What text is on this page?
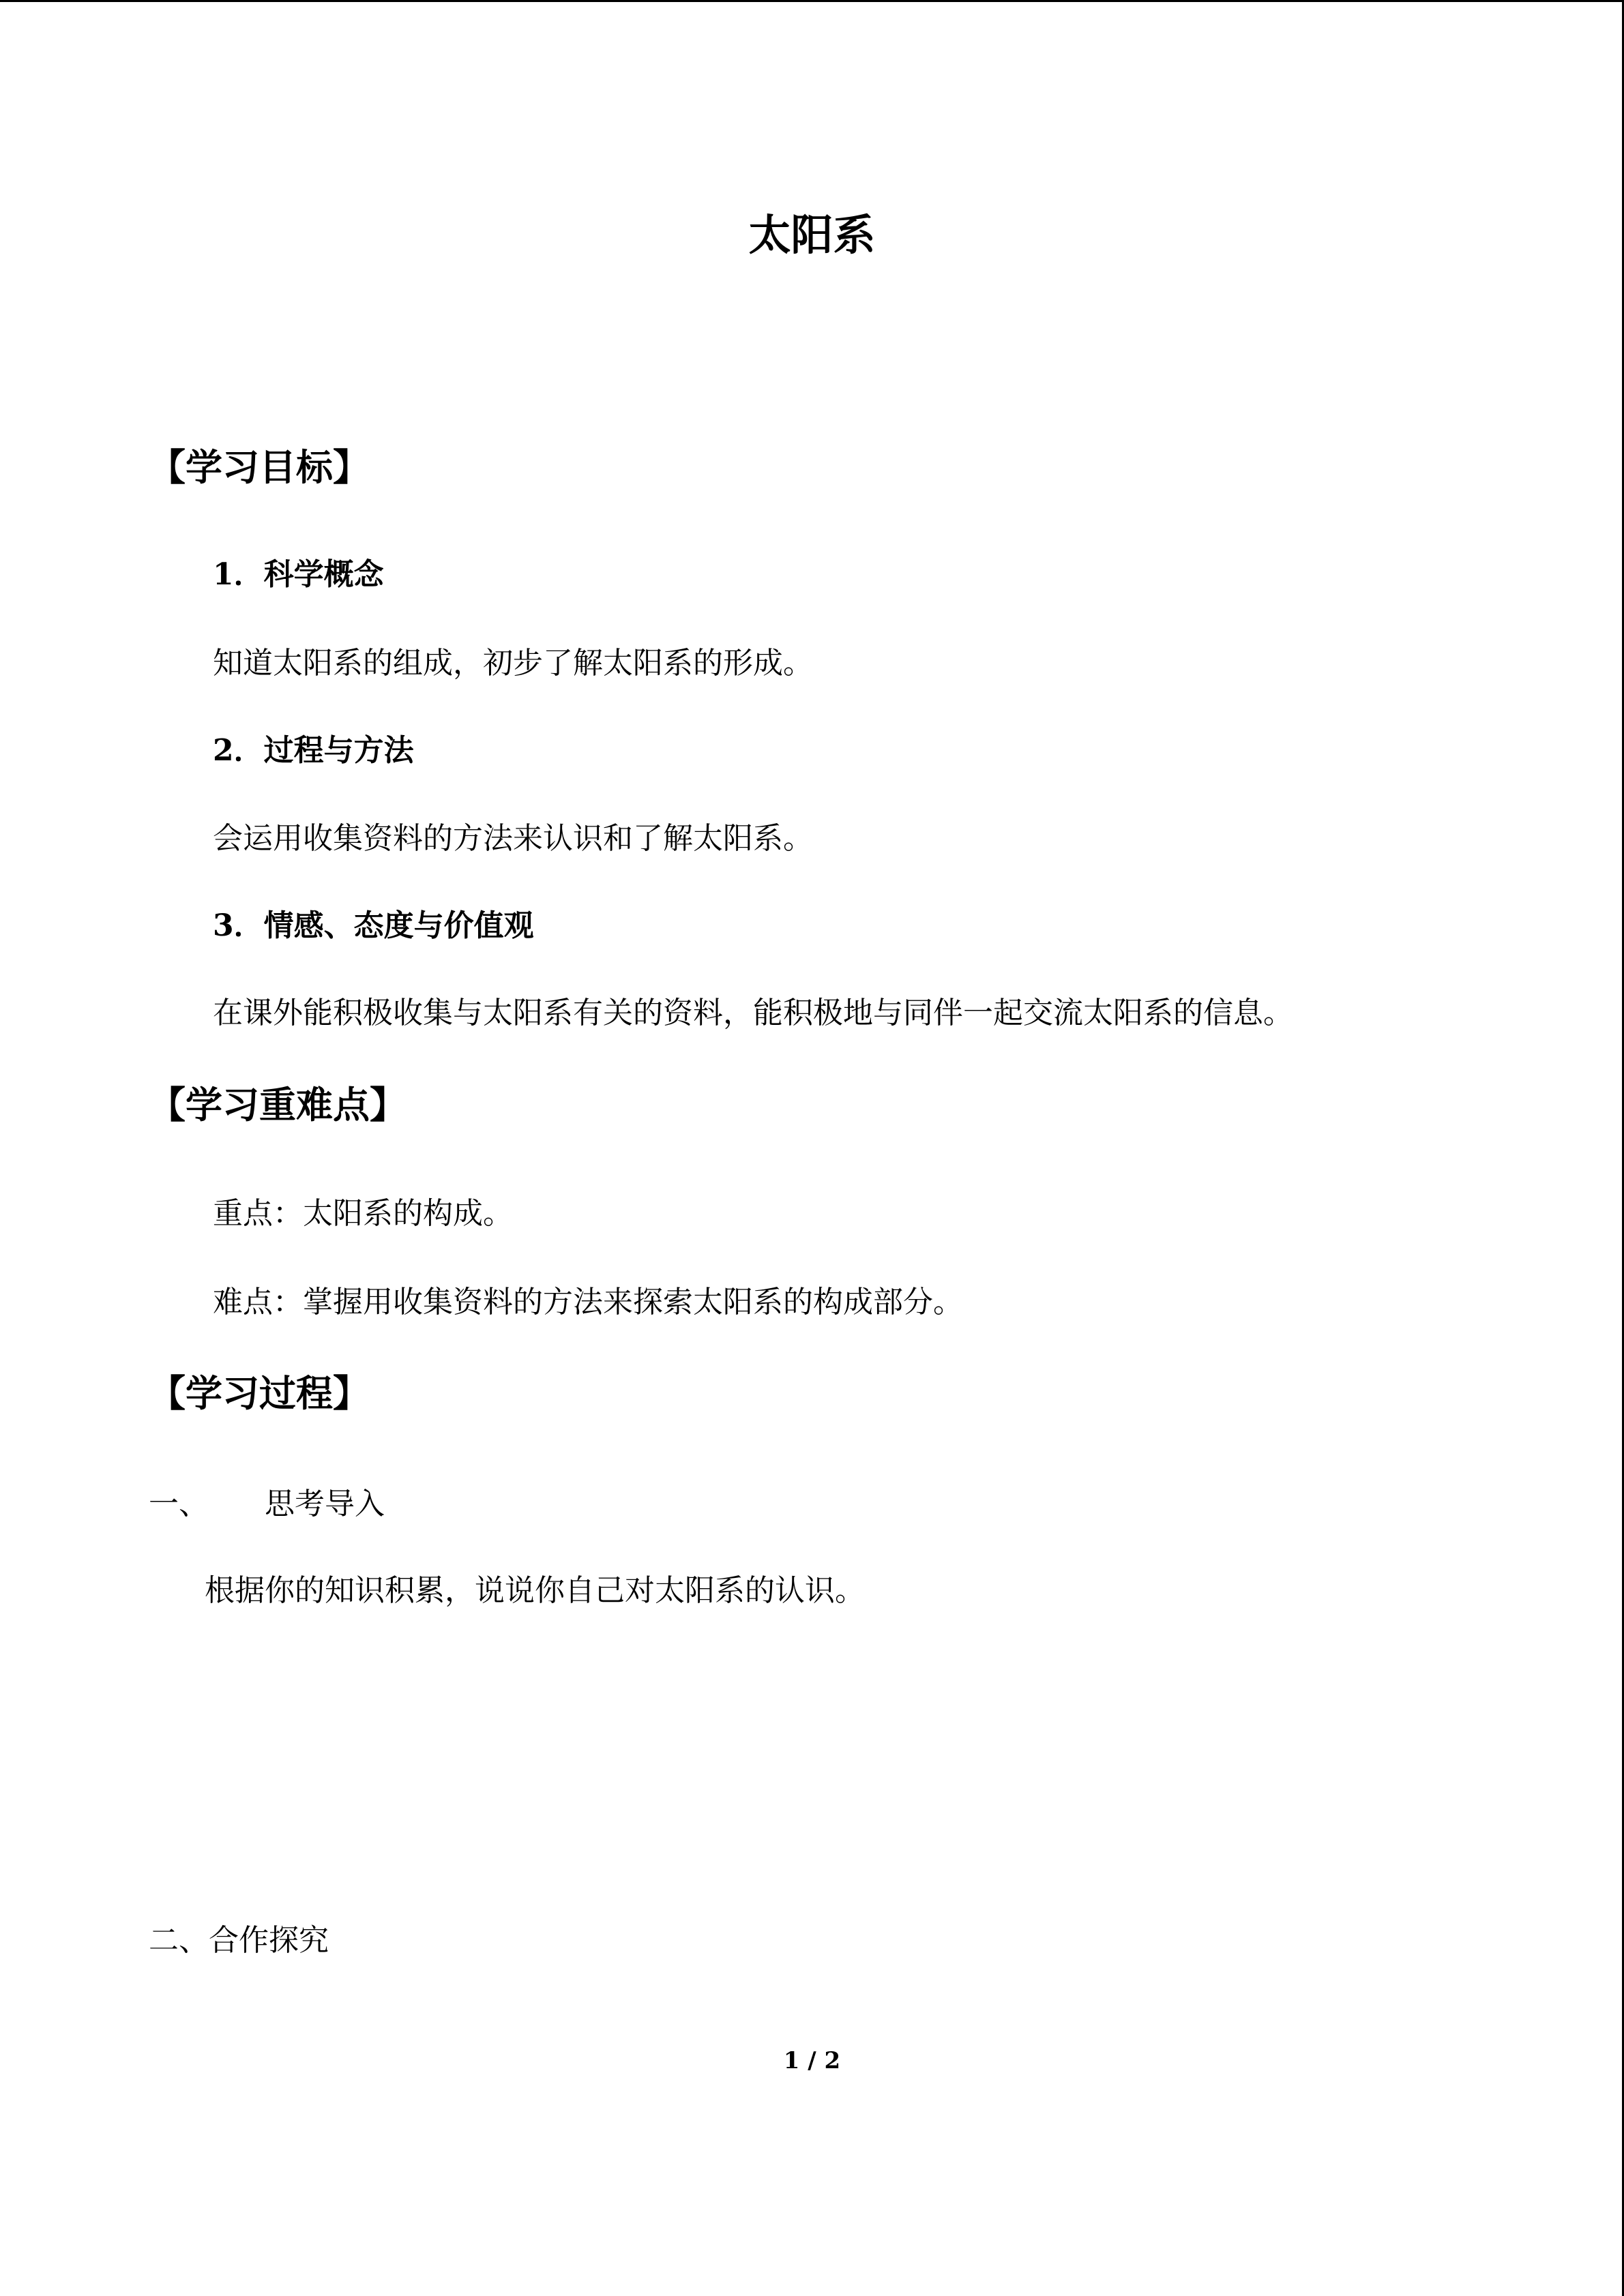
太阳系
【学习目标】
1．科学概念
知道太阳系的组成，初步了解太阳系的形成。
2．过程与方法
会运用收集资料的方法来认识和了解太阳系。
3．情感、态度与价值观
在课外能积极收集与太阳系有关的资料，能积极地与同伴一起交流太阳系的信息。
【学习重难点】
重点：太阳系的构成。
难点：掌握用收集资料的方法来探索太阳系的构成部分。
【学习过程】
一、 思考导入
根据你的知识积累，说说你自己对太阳系的认识。
二、合作探究
1 / 2
